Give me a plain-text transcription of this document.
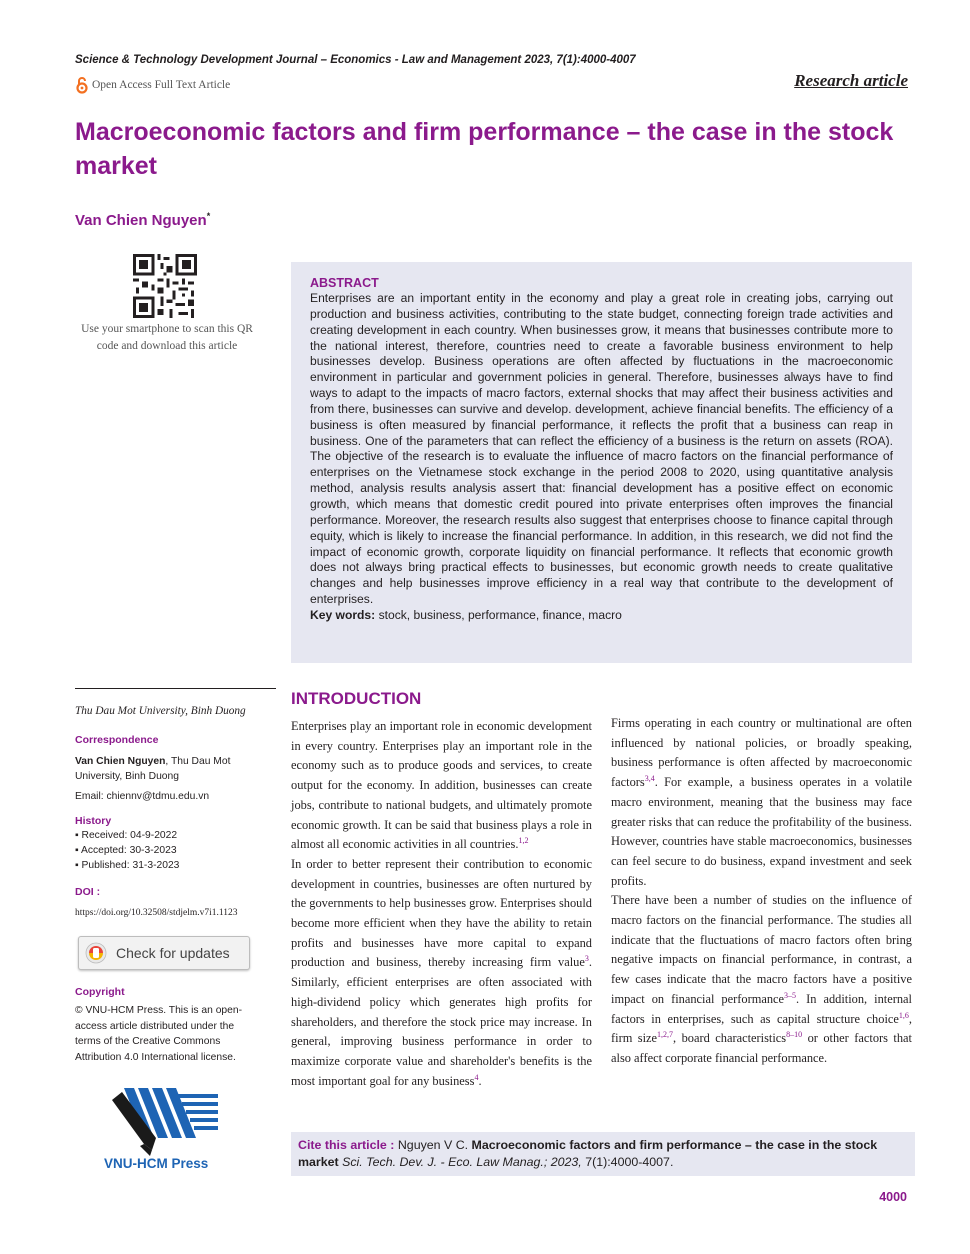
Science & Technology Development Journal – Economics - Law and Management 2023, 7(1):4000-4007
Open Access Full Text Article	Research article
Macroeconomic factors and firm performance – the case in the stock market
Van Chien Nguyen*
Use your smartphone to scan this QR code and download this article
ABSTRACT
Enterprises are an important entity in the economy and play a great role in creating jobs, carrying out production and business activities, contributing to the state budget, connecting foreign trade activities and creating development in each country. When businesses grow, it means that businesses contribute more to the national interest, therefore, countries need to create a favorable business environment to help businesses develop. Business operations are often affected by fluctuations in the macroeconomic environment in particular and government policies in general. Therefore, businesses always have to find ways to adapt to the impacts of macro factors, external shocks that may affect their business activities and from there, businesses can survive and develop. development, achieve financial benefits. The efficiency of a business is often measured by financial performance, it reflects the profit that a business can reap in business. One of the parameters that can reflect the efficiency of a business is the return on assets (ROA). The objective of the research is to evaluate the influence of macro factors on the financial performance of enterprises on the Vietnamese stock exchange in the period 2008 to 2020, using quantitative analysis method, analysis results analysis assert that: financial development has a positive effect on economic growth, which means that domestic credit poured into private enterprises often improves the financial performance. Moreover, the research results also suggest that enterprises choose to finance capital through equity, which is likely to increase the financial performance. In addition, in this research, we did not find the impact of economic growth, corporate liquidity on financial performance. It reflects that economic growth does not always bring practical effects to businesses, but economic growth needs to create qualitative changes and help businesses improve efficiency in a real way that contribute to the development of enterprises.
Key words: stock, business, performance, finance, macro
Thu Dau Mot University, Binh Duong
Correspondence
Van Chien Nguyen, Thu Dau Mot University, Binh Duong
Email: chiennv@tdmu.edu.vn
History
▪ Received: 04-9-2022
▪ Accepted: 30-3-2023
▪ Published: 31-3-2023
DOI :
https://doi.org/10.32508/stdjelm.v7i1.1123
Check for updates
Copyright
© VNU-HCM Press. This is an open-access article distributed under the terms of the Creative Commons Attribution 4.0 International license.
VNU-HCM Press
INTRODUCTION

Enterprises play an important role in economic development in every country. Enterprises play an important role in the economy such as to produce goods and services, to create output for the economy. In addition, businesses can create jobs, contribute to national budgets, and ultimately promote economic growth. It can be said that business plays a role in almost all economic activities in all countries.$^{1,2}$

In order to better represent their contribution to economic development in countries, businesses are often nurtured by the governments to help businesses grow. Enterprises should become more efficient when they have the ability to retain profits and businesses have more capital to expand production and business, thereby increasing firm value$^3$. Similarly, efficient enterprises are often associated with high-dividend policy which generates high profits for shareholders, and therefore the stock price may increase. In general, improving business performance in order to maximize corporate value and shareholder's benefits is the most important goal for any business$^4$.

Firms operating in each country or multinational are often influenced by national policies, or broadly speaking, business performance is often affected by macroeconomic factors$^{3,4}$. For example, a business operates in a volatile macro environment, meaning that the business may face greater risks that can reduce the profitability of the business. However, countries have stable macroeconomics, businesses can feel secure to do business, expand investment and seek profits.

There have been a number of studies on the influence of macro factors on the financial performance. The studies all indicate that the fluctuations of macro factors often bring negative impacts on financial performance, in contrast, a few cases indicate that the macro factors have a positive impact on financial performance$^{3-5}$. In addition, internal factors in enterprises, such as capital structure choice$^{1,6}$, firm size$^{1,2,7}$, board characteristics$^{8-10}$ or other factors that also affect corporate financial performance.

Cite this article : Nguyen V C. Macroeconomic factors and firm performance – the case in the stock market Sci. Tech. Dev. J. - Eco. Law Manag.; 2023, 7(1):4000-4007.
4000
